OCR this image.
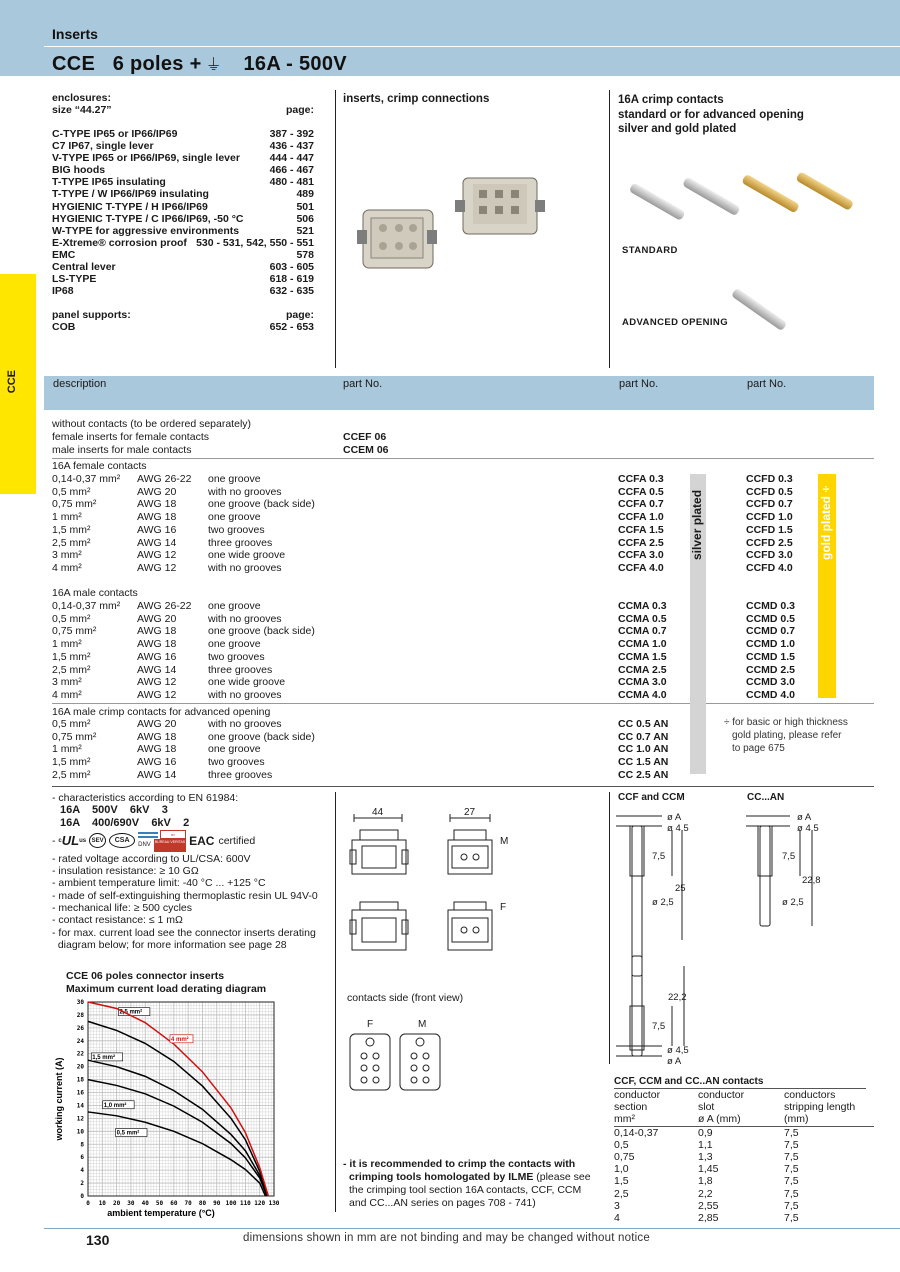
Inserts
CCE 6 poles + ⏚ 16A - 500V
CCE
enclosures:
size “44.27”	page:
C-TYPE IP65 or IP66/IP69	387 - 392
C7 IP67, single lever	436 - 437
V-TYPE IP65 or IP66/IP69, single lever	444 - 447
BIG hoods	466 - 467
T-TYPE IP65 insulating	480 - 481
T-TYPE / W IP66/IP69 insulating	489
HYGIENIC T-TYPE / H IP66/IP69	501
HYGIENIC T-TYPE / C IP66/IP69, -50 °C	506
W-TYPE for aggressive environments	521
E-Xtreme® corrosion proof 530 - 531, 542, 550 - 551
EMC	578
Central lever	603 - 605
LS-TYPE	618 - 619
IP68	632 - 635
panel supports:	page:
COB	652 - 653
inserts, crimp connections	16A crimp contacts
standard or for advanced opening
silver and gold plated
STANDARD
ADVANCED OPENING
description	part No.	part No.	part No.
without contacts (to be ordered separately)
female inserts for female contacts	CCEF 06
male inserts for male contacts	CCEM 06
16A female contacts
0,14-0,37 mm² AWG 26-22 one groove	CCFA 0.3	CCFD 0.3
0,5 mm²	AWG 20	with no grooves	CCFA 0.5	CCFD 0.5
0,75 mm²	AWG 18	one groove (back side)	CCFA 0.7	CCFD 0.7
1 mm²	AWG 18	one groove	CCFA 1.0	CCFD 1.0
1,5 mm²	AWG 16	two grooves	CCFA 1.5	CCFD 1.5
2,5 mm²	AWG 14	three grooves	CCFA 2.5	CCFD 2.5
3 mm²	AWG 12	one wide groove	CCFA 3.0	CCFD 3.0
4 mm²	AWG 12	with no grooves	CCFA 4.0	CCFD 4.0
16A male contacts
0,14-0,37 mm² AWG 26-22 one groove	CCMA 0.3	CCMD 0.3
0,5 mm²	AWG 20	with no grooves	CCMA 0.5	CCMD 0.5
0,75 mm²	AWG 18	one groove (back side)	CCMA 0.7	CCMD 0.7
1 mm²	AWG 18	one groove	CCMA 1.0	CCMD 1.0
1,5 mm²	AWG 16	two grooves	CCMA 1.5	CCMD 1.5
2,5 mm²	AWG 14	three grooves	CCMA 2.5	CCMD 2.5
3 mm²	AWG 12	one wide groove	CCMA 3.0	CCMD 3.0
4 mm²	AWG 12	with no grooves	CCMA 4.0	CCMD 4.0
16A male crimp contacts for advanced opening
0,5 mm²	AWG 20	with no grooves	CC 0.5 AN
0,75 mm²	AWG 18	one groove (back side)	CC 0.7 AN
1 mm²	AWG 18	one groove	CC 1.0 AN
1,5 mm²	AWG 16	two grooves	CC 1.5 AN
2,5 mm²	AWG 14	three grooves	CC 2.5 AN
silver plated	gold plated÷
÷ for basic or high thickness
gold plating, please refer
to page 675
- characteristics according to EN 61984:
16A    500V    6kV    3
16A    400/690V    6kV    2
- c UL us SEV	CSA
BV
DNV BUREAU VERITAS EAC certified
- rated voltage according to UL/CSA: 600V
- insulation resistance: ≥ 10 GΩ
- ambient temperature limit: -40 °C ... +125 °C
- made of self-extinguishing thermoplastic resin UL 94V-0
- mechanical life: ≥ 500 cycles
- contact resistance: ≤ 1 mΩ
- for max. current load see the connector inserts derating
diagram below; for more information see page 28
CCE 06 poles connector inserts
Maximum current load derating diagram
0 10 20 30 40 50 60 70 80 90 100 110 120 130
0
2
4
6
8
10
12
14
16
18
20
22
24
26
28
30
ambient temperature (°C)
working current (A)	0,5 mm²
1,0 mm²
1,5 mm²
2,5 mm²
4 mm²
44	27
M
F
contacts side (front view)
F	M
- it is recommended to crimp the contacts with
crimping tools homologated by ILME (please see
the crimping tool section 16A contacts, CCF, CCM
and CC...AN series on pages 708 - 741)
CCF and CCM	CC...AN
ø A
ø 4,5
7,5
25
ø 2,5
ø A
ø 4,5
7,5
22,8
ø 2,5
22,2
7,5
ø 4,5
ø A
CCF, CCM and CC..AN contacts
conductor	conductor	conductors
section	slot	stripping length
mm²	ø A (mm)	(mm)
0,14-0,37	0,9	7,5
0,5	1,1	7,5
0,75	1,3	7,5
1,0	1,45	7,5
1,5	1,8	7,5
2,5	2,2	7,5
3	2,55	7,5
4	2,85	7,5
130	dimensions shown in mm are not binding and may be changed without notice
